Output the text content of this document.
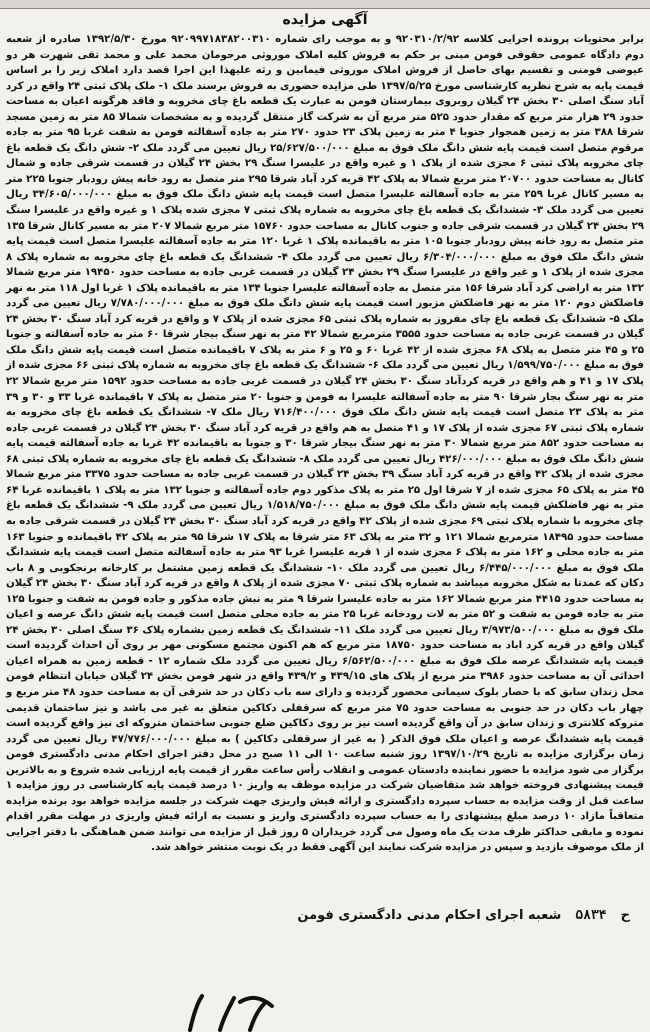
آگهی مزایده

برابر محتویات پرونده اجرایی کلاسه ۹۲۰۳۱۰/۲/۹۲ و به موجب رای شماره ۹۲۰۹۹۷۱۸۳۸۲۰۰۳۱۰ مورخ ۱۳۹۲/۵/۳۰ صادره از شعبه دوم دادگاه عمومی حقوقی فومن مبنی بر حکم به فروش کلیه املاک موروثی مرحومان محمد علی و محمد تقی شهرت هر دو عیوضی فومنی و تقسیم بهای حاصل از فروش املاک موروثی فیمابین و رثه علیهذا این اجرا قصد دارد املاک زیر را بر اساس قیمت پایه به شرح نظریه کارشناسی مورخ ۱۳۹۷/۵/۲۵ طی مزایده حضوری به فروش برسند ملک ۱- ملک پلاک ثبتی ۲۴ واقع در کرد آباد سنگ اصلی ۳۰ بخش ۲۴ گیلان روبروی بیمارستان فومن به عبارت یک قطعه باغ چای مخروبه و فاقد هرگونه اعیان به مساحت حدود ۲۹ هزار متر مربع که مقدار حدود ۵۲۵ متر مربع آن به شرکت گاز منتقل گردیده و به مشخصات شمالا ۸۵ متر به زمین مسجد شرقا ۳۸۸ متر به زمین همجوار جنوبا ۴ متر به زمین پلاک ۲۳ حدود ۲۷۰ متر به جاده آسفالته فومن به شفت غربا ۹۵ متر به جاده مرقوم متصل است قیمت پایه شش دانگ ملک فوق به مبلغ ۲۵/۶۲۷/۵۰۰/۰۰۰ ریال تعیین می گردد ملک ۲- شش دانگ یک قطعه باغ چای مخروبه پلاک ثبتی ۶ مجزی شده از پلاک ۱ و غیره واقع در علیسرا سنگ ۲۹ بخش ۲۴ گیلان در قسمت شرقی جاده و شمال کانال به مساحت حدود ۲۰۷۰۰ متر مربع شمالا به پلاک ۴۲ قریه کرد آباد شرقا ۲۹۵ متر متصل به رود خانه پیش رودبار جنوبا ۲۲۵ متر به مسیر کانال غربا ۲۵۹ متر به جاده آسفالته علیسرا متصل است قیمت پایه شش دانگ ملک فوق به مبلغ ۳۴/۶۰۵/۰۰۰/۰۰۰ ریال تعیین می گردد ملک ۳- ششدانگ یک قطعه باغ چای مخروبه به شماره پلاک ثبتی ۷ مجزی شده پلاک ۱ و غیره واقع در علیسرا سنگ ۲۹ بخش ۲۴ گیلان در قسمت شرقی جاده و جنوب کانال به مساحت حدود ۱۵۷۶۰ متر مربع شمالا ۲۰۷ متر به مسیر کانال شرقا ۱۳۵ متر متصل به رود خانه پیش رودبار جنوبا ۱۰۵ متر به باقیمانده پلاک ۱ غربا ۱۲۰ متر به جاده آسفالته علیسرا متصل است قیمت پایه شش دانگ ملک فوق به مبلغ ۶/۳۰۴/۰۰۰/۰۰۰ ریال تعیین می گردد ملک ۴- ششدانگ یک قطعه باغ چای مخروبه به شماره پلاک ۸ مجزی شده از پلاک ۱ و غیر واقع در علیسرا سنگ ۲۹ بخش ۲۴ گیلان در قسمت غربی جاده به مساحت حدود ۱۹۴۵۰ متر مربع شمالا ۱۳۲ متر به اراضی کرد آباد شرقا ۱۵۶ متر متصل به جاده آسفالته علیسرا جنوبا ۱۳۴ متر به باقیمانده پلاک ۱ غربا اول ۱۱۸ متر به نهر فاضلکش دوم ۱۲۰ متر به نهر فاضلکش مزبور است قیمت پایه شش دانگ ملک فوق به مبلغ ۷/۷۸۰/۰۰۰/۰۰۰ ریال تعیین می گردد ملک ۵- ششدانگ یک قطعه باغ چای مفروز به شماره پلاک ثبتی ۶۵ مجزی شده از پلاک ۷ و واقع در قریه کرد آباد سنگ ۳۰ بخش ۲۴ گیلان در قسمت غربی جاده به مساحت حدود ۳۵۵۵ مترمربع شمالا ۴۲ متر به نهر سنگ بیجار شرقا ۶۰ متر به جاده آسفالته و جنوبا ۲۵ و ۴۵ متر متصل به پلاک ۶۸ مجزی شده از ۴۲ غربا ۶۰ و ۲۵ و ۶ متر به پلاک ۷ باقیمانده متصل است قیمت پایه شش دانگ ملک فوق به مبلغ ۱/۵۹۹/۷۵۰/۰۰۰ ریال تعیین می گردد ملک ۶- ششدانگ یک قطعه باغ چای مخروبه به شماره پلاک ثبتی ۶۶ مجزی شده از پلاک ۱۷ و ۴۱ و هم واقع در قریه کردآباد سنگ ۳۰ بخش ۲۴ گیلان در قسمت غربی جاده به مساحت حدود ۱۵۹۲ متر مربع شمالا ۲۲ متر به نهر سنگ بجار شرقا ۹۰ متر به جاده آسفالته علیسرا به فومن و جنوبا ۲۰ متر متصل به پلاک ۷ باقیمانده غربا ۳۳ و ۳۰ و ۳۹ متر به پلاک ۲۳ متصل است قیمت پایه شش دانگ ملک فوق ۷۱۶/۴۰۰/۰۰۰ ریال ملک ۷- ششدانگ یک قطعه باغ چای مخروبه به شماره پلاک ثبتی ۶۷ مجزی شده از پلاک ۱۷ و ۴۱ متصل به هم واقع در قریه کرد آباد سنگ ۳۰ بخش ۲۴ گیلان در قسمت غربی جاده به مساحت حدود ۸۵۲ متر مربع شمالا ۳۰ متر به نهر سنگ بیجار شرقا ۳۰ و جنوبا به باقیمانده ۴۲ غربا به جاده آسفالته قیمت پایه شش دانگ ملک فوق به مبلغ ۴۲۶/۰۰۰/۰۰۰ ریال تعیین می گردد ملک ۸- ششدانگ یک قطعه باغ چای مخروبه به شماره پلاک ثبتی ۶۸ مجزی شده از پلاک ۴۲ واقع در قریه کرد آباد سنگ ۳۹ بخش ۲۴ گیلان در قسمت غربی جاده به مساحت حدود ۳۳۷۵ متر مربع شمالا ۴۵ متر به پلاک ۶۵ مجزی شده از ۷ شرقا اول ۲۵ متر به پلاک مذکور دوم جاده آسفالته و جنوبا ۱۳۲ متر به پلاک ۱ باقیمانده غربا ۶۴ متر به نهر فاضلکش قیمت پایه شش دانگ ملک فوق به مبلغ ۱/۵۱۸/۷۵۰/۰۰۰ ریال تعیین می گردد ملک ۹- ششدانگ یک قطعه باغ چای مخروبه با شماره پلاک ثبتی ۶۹ مجزی شده از پلاک ۴۲ واقع در قریه کرد آباد سنگ ۳۰ بخش ۲۴ گیلان در قسمت شرقی جاده به مساحت حدود ۱۸۴۹۵ مترمربع شمالا ۱۲۱ و ۳۲ متر به پلاک ۶۳ متر شرقا به پلاک ۱۷ شرقا ۹۵ متر به پلاک ۴۲ باقیمانده و جنوبا ۱۶۳ متر به جاده محلی و ۱۶۲ متر به پلاک ۶ مجزی شده از ۱ قریه علیسرا غربا ۹۳ متر به جاده آسفالته متصل است قیمت پایه ششدانگ ملک فوق به مبلغ ۶/۴۴۵/۰۰۰/۰۰۰ ریال تعیین می گردد ملک ۱۰- ششدانگ یک قطعه زمین مشتمل بر کارخانه برنجکوبی و ۸ باب دکان که عمدتا به شکل مخروبه میباشد به شماره پلاک ثبتی ۷۰ مجزی شده از پلاک ۸ واقع در قریه کرد آباد سنگ ۳۰ بخش ۲۴ گیلان به مساحت حدود ۴۴۱۵ متر مربع شمالا ۱۶۲ متر به جاده علیسرا شرقا ۹ متر به نبش جاده مذکور و جاده فومن به شفت و جنوبا ۱۲۵ متر به جاده فومن به شفت و ۵۲ متر به لات رودخانه غربا ۲۵ متر به جاده محلی متصل است قیمت پایه شش دانگ عرصه و اعیان ملک فوق به مبلغ ۳/۹۷۳/۵۰۰/۰۰۰ ریال تعیین می گردد ملک ۱۱- ششدانگ یک قطعه زمین بشماره پلاک ۳۶ سنگ اصلی ۳۰ بخش ۲۴ گیلان واقع در قریه کرد اباد به مساحت حدود ۱۸۷۵۰ متر مربع که هم اکنون مجتمع مسکونی مهر بر روی آن احداث گردیده است قیمت پایه ششدانگ عرصه ملک فوق به مبلغ ۶/۵۶۲/۵۰۰/۰۰۰ ریال تعیین می گردد ملک شماره ۱۲ - قطعه زمین به همراه اعیان احداثی آن به مساحت حدود ۳۹۸۶ متر مربع از پلاک های ۴۳۹/۱۵ و ۴۳۹/۲ واقع در شهر فومن بخش ۲۴ گیلان خیابان انتظام فومن محل زندان سابق که با حصار بلوک سیمانی محصور گردیده و دارای سه باب دکان در حد شرقی آن به مساحت حدود ۴۸ متر مربع و چهار باب دکان در حد جنوبی به مساحت حدود ۷۵ متر مربع که سرقفلی دکاکین متعلق به غیر می باشد و نیز ساختمان قدیمی متروکه کلانتری و زندان سابق در آن واقع گردیده است نیز بر روی دکاکین ضلع جنوبی ساختمان متروکه ای نیز واقع گردیده است قیمت پایه ششدانگ عرصه و اعیان ملک فوق الذکر ( به غیر از سرقفلی دکاکین ) به مبلغ ۴۷/۷۷۶/۰۰۰/۰۰۰ ریال تعیین می گردد زمان برگزاری مزایده به تاریخ ۱۳۹۷/۱۰/۲۹ روز شنبه ساعت ۱۰ الی ۱۱ صبح در محل دفتر اجرای احکام مدنی دادگستری فومن برگزار می شود مزایده با حضور نماینده دادستان عمومی و انقلاب رأس ساعت مقرر از قیمت پایه ارزیابی شده شروع و به بالاترین قیمت پیشنهادی فروخته خواهد شد متقاضیان شرکت در مزایده موظف به واریز ۱۰ درصد قیمت پایه کارشناسی در روز مزایده ۱ ساعت قبل از وقت مزایده به حساب سپرده دادگستری و ارائه فیش واریزی جهت شرکت در جلسه مزایده خواهد بود برنده مزایده متعاقباً مازاد ۱۰ درصد مبلغ پیشنهادی را به حساب سپرده دادگستری واریز و نسبت به ارائه فیش واریزی در مهلت مقرر اقدام نموده و مابقی حداکثر ظرف مدت یک ماه وصول می گردد خریداران ۵ روز قبل از مزایده می توانند ضمن هماهنگی با دفتر اجرایی از ملک موصوف بازدید و سپس در مزایده شرکت نمایند این آگهی فقط در یک نوبت منتشر خواهد شد.

ح
۵۸۳۴
شعبه اجرای احکام مدنی دادگستری فومن
